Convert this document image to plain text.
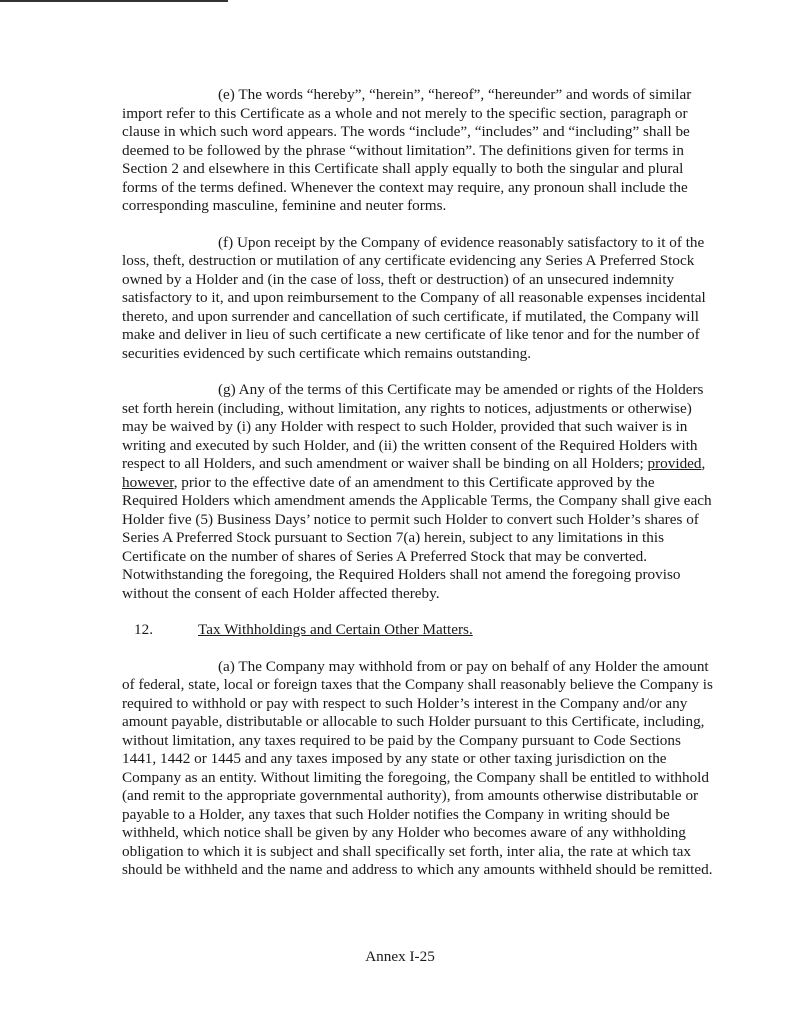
(e) The words “hereby”, “herein”, “hereof”, “hereunder” and words of similar import refer to this Certificate as a whole and not merely to the specific section, paragraph or clause in which such word appears. The words “include”, “includes” and “including” shall be deemed to be followed by the phrase “without limitation”. The definitions given for terms in Section 2 and elsewhere in this Certificate shall apply equally to both the singular and plural forms of the terms defined. Whenever the context may require, any pronoun shall include the corresponding masculine, feminine and neuter forms.

(f) Upon receipt by the Company of evidence reasonably satisfactory to it of the loss, theft, destruction or mutilation of any certificate evidencing any Series A Preferred Stock owned by a Holder and (in the case of loss, theft or destruction) of an unsecured indemnity satisfactory to it, and upon reimbursement to the Company of all reasonable expenses incidental thereto, and upon surrender and cancellation of such certificate, if mutilated, the Company will make and deliver in lieu of such certificate a new certificate of like tenor and for the number of securities evidenced by such certificate which remains outstanding.

(g) Any of the terms of this Certificate may be amended or rights of the Holders set forth herein (including, without limitation, any rights to notices, adjustments or otherwise) may be waived by (i) any Holder with respect to such Holder, provided that such waiver is in writing and executed by such Holder, and (ii) the written consent of the Required Holders with respect to all Holders, and such amendment or waiver shall be binding on all Holders; provided, however, prior to the effective date of an amendment to this Certificate approved by the Required Holders which amendment amends the Applicable Terms, the Company shall give each Holder five (5) Business Days’ notice to permit such Holder to convert such Holder’s shares of Series A Preferred Stock pursuant to Section 7(a) herein, subject to any limitations in this Certificate on the number of shares of Series A Preferred Stock that may be converted. Notwithstanding the foregoing, the Required Holders shall not amend the foregoing proviso without the consent of each Holder affected thereby.

12.	Tax Withholdings and Certain Other Matters.

(a) The Company may withhold from or pay on behalf of any Holder the amount of federal, state, local or foreign taxes that the Company shall reasonably believe the Company is required to withhold or pay with respect to such Holder’s interest in the Company and/or any amount payable, distributable or allocable to such Holder pursuant to this Certificate, including, without limitation, any taxes required to be paid by the Company pursuant to Code Sections 1441, 1442 or 1445 and any taxes imposed by any state or other taxing jurisdiction on the Company as an entity. Without limiting the foregoing, the Company shall be entitled to withhold (and remit to the appropriate governmental authority), from amounts otherwise distributable or payable to a Holder, any taxes that such Holder notifies the Company in writing should be withheld, which notice shall be given by any Holder who becomes aware of any withholding obligation to which it is subject and shall specifically set forth, inter alia, the rate at which tax should be withheld and the name and address to which any amounts withheld should be remitted.

Annex I-25
